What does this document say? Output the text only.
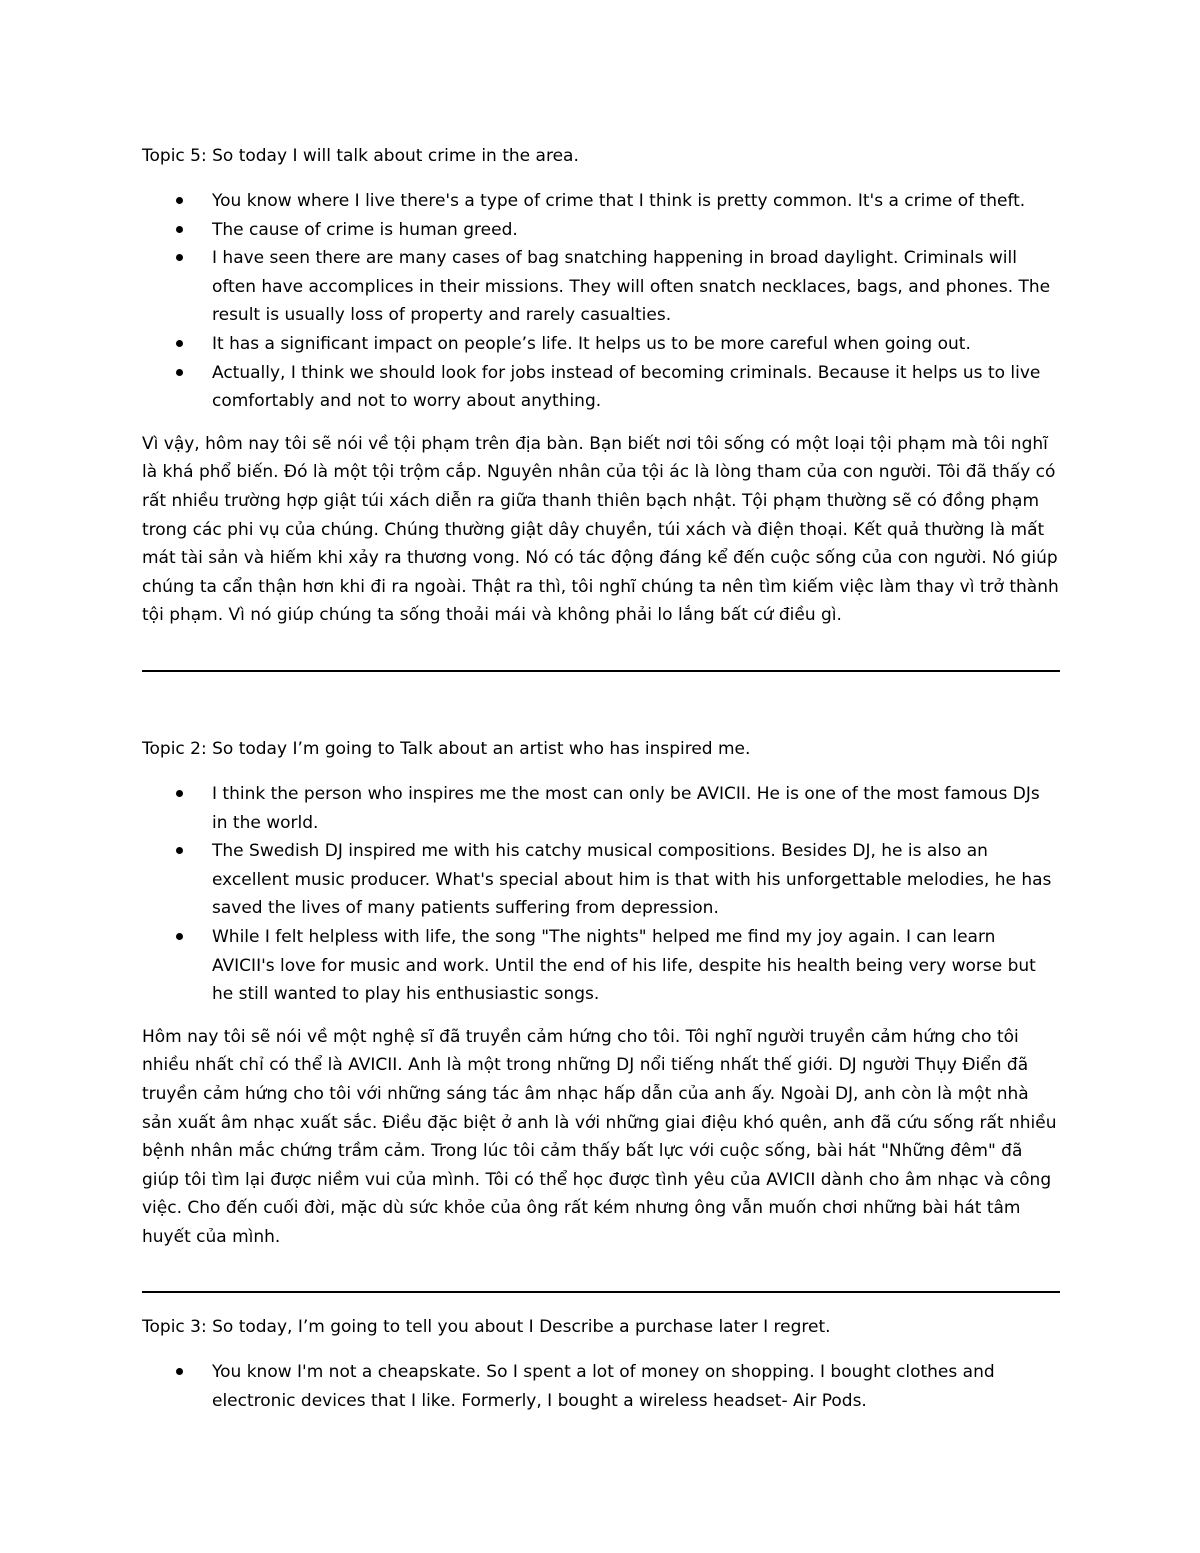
Topic 5: So today I will talk about crime in the area.

You know where I live there's a type of crime that I think is pretty common. It's a crime of theft.
The cause of crime is human greed.
I have seen there are many cases of bag snatching happening in broad daylight. Criminals will often have accomplices in their missions. They will often snatch necklaces, bags, and phones. The result is usually loss of property and rarely casualties.
It has a significant impact on people’s life. It helps us to be more careful when going out.
Actually, I think we should look for jobs instead of becoming criminals. Because it helps us to live comfortably and not to worry about anything.

Vì vậy, hôm nay tôi sẽ nói về tội phạm trên địa bàn. Bạn biết nơi tôi sống có một loại tội phạm mà tôi nghĩ là khá phổ biến. Đó là một tội trộm cắp. Nguyên nhân của tội ác là lòng tham của con người. Tôi đã thấy có rất nhiều trường hợp giật túi xách diễn ra giữa thanh thiên bạch nhật. Tội phạm thường sẽ có đồng phạm trong các phi vụ của chúng. Chúng thường giật dây chuyền, túi xách và điện thoại. Kết quả thường là mất mát tài sản và hiếm khi xảy ra thương vong. Nó có tác động đáng kể đến cuộc sống của con người. Nó giúp chúng ta cẩn thận hơn khi đi ra ngoài. Thật ra thì, tôi nghĩ chúng ta nên tìm kiếm việc làm thay vì trở thành tội phạm. Vì nó giúp chúng ta sống thoải mái và không phải lo lắng bất cứ điều gì.

Topic 2: So today I’m going to Talk about an artist who has inspired me.

I think the person who inspires me the most can only be AVICII. He is one of the most famous DJs in the world.
The Swedish DJ inspired me with his catchy musical compositions. Besides DJ, he is also an excellent music producer. What's special about him is that with his unforgettable melodies, he has saved the lives of many patients suffering from depression.
While I felt helpless with life, the song "The nights" helped me find my joy again. I can learn AVICII's love for music and work. Until the end of his life, despite his health being very worse but he still wanted to play his enthusiastic songs.

Hôm nay tôi sẽ nói về một nghệ sĩ đã truyền cảm hứng cho tôi. Tôi nghĩ người truyền cảm hứng cho tôi nhiều nhất chỉ có thể là AVICII. Anh là một trong những DJ nổi tiếng nhất thế giới. DJ người Thụy Điển đã truyền cảm hứng cho tôi với những sáng tác âm nhạc hấp dẫn của anh ấy. Ngoài DJ, anh còn là một nhà sản xuất âm nhạc xuất sắc. Điều đặc biệt ở anh là với những giai điệu khó quên, anh đã cứu sống rất nhiều bệnh nhân mắc chứng trầm cảm. Trong lúc tôi cảm thấy bất lực với cuộc sống, bài hát "Những đêm" đã giúp tôi tìm lại được niềm vui của mình. Tôi có thể học được tình yêu của AVICII dành cho âm nhạc và công việc. Cho đến cuối đời, mặc dù sức khỏe của ông rất kém nhưng ông vẫn muốn chơi những bài hát tâm huyết của mình.

Topic 3: So today, I’m going to tell you about I Describe a purchase later I regret.

You know I'm not a cheapskate. So I spent a lot of money on shopping. I bought clothes and electronic devices that I like. Formerly, I bought a wireless headset- Air Pods.
